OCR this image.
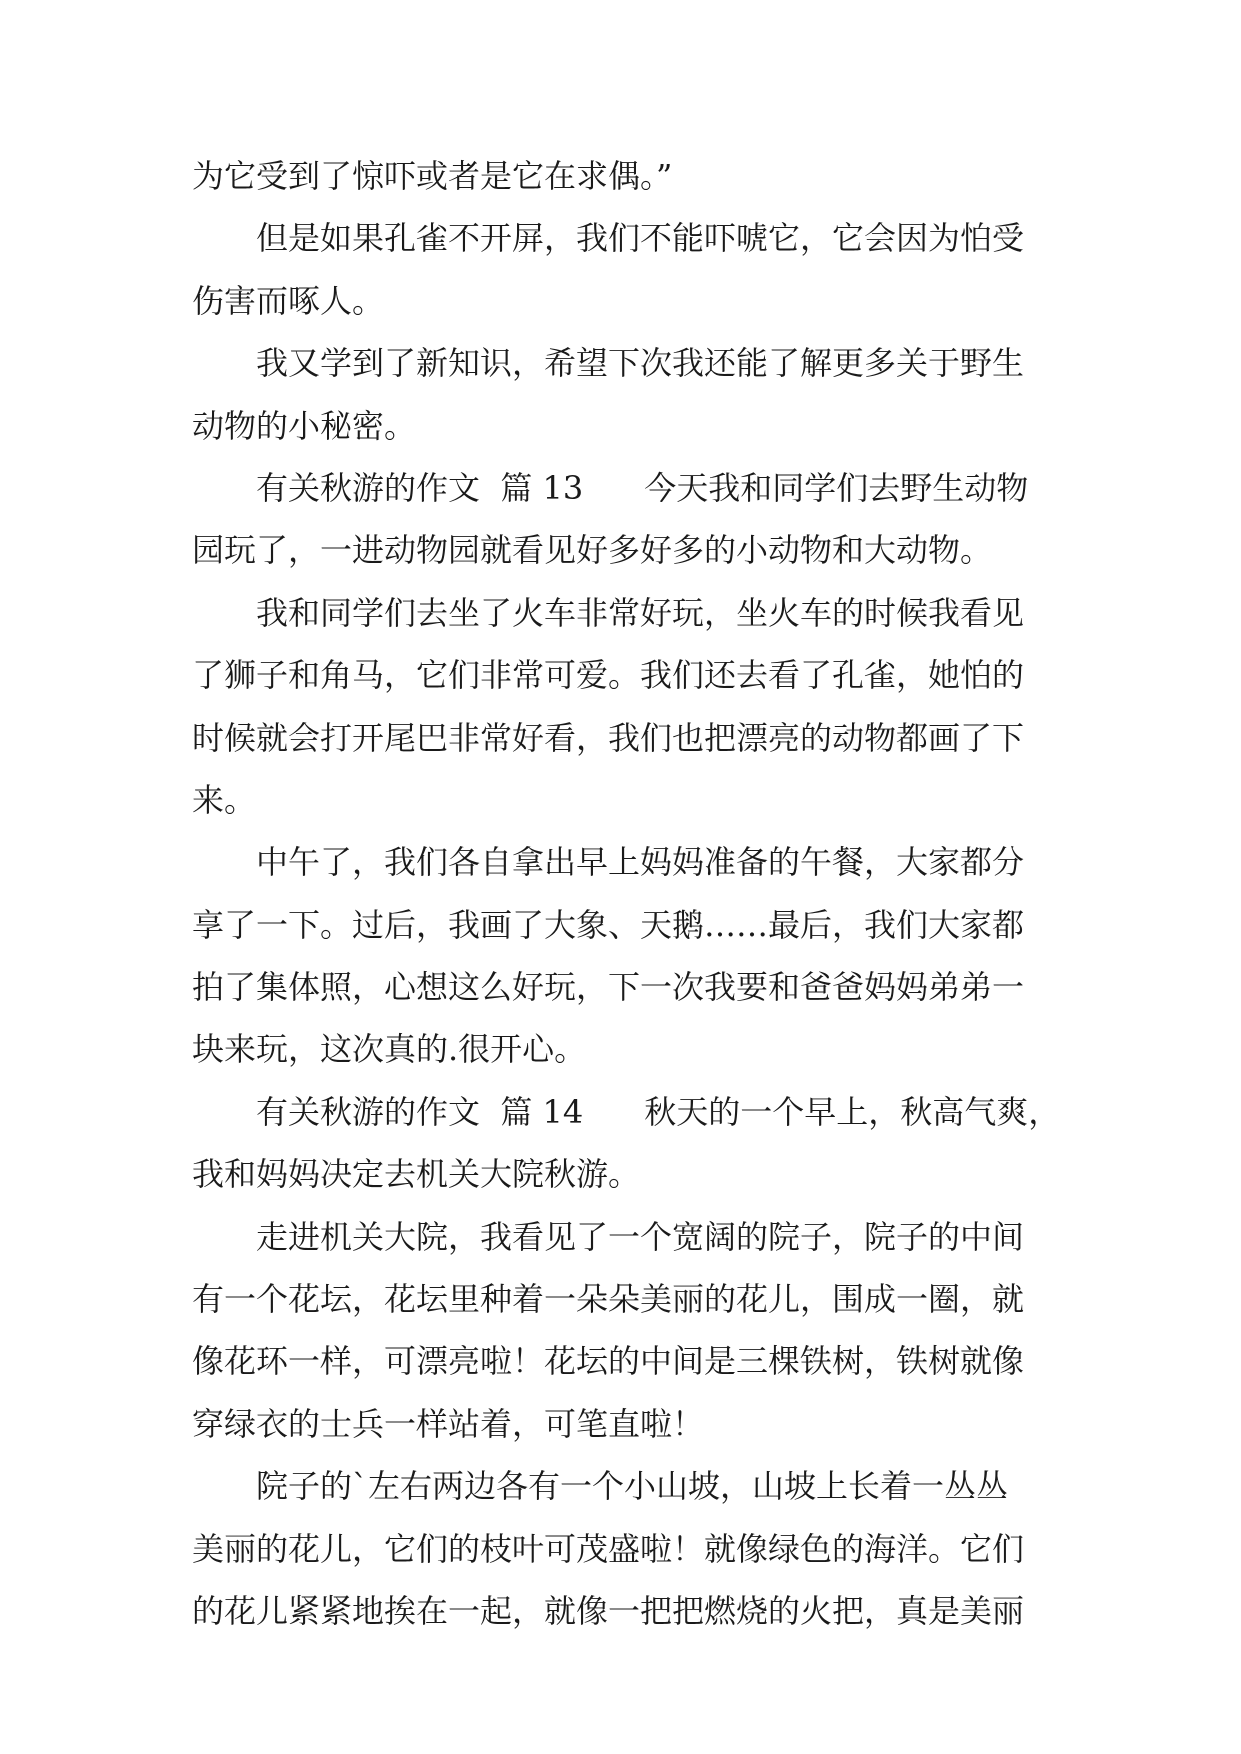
为它受到了惊吓或者是它在求偶。”
但是如果孔雀不开屏，我们不能吓唬它，它会因为怕受
伤害而啄人。
我又学到了新知识，希望下次我还能了解更多关于野生
动物的小秘密。
有关秋游的作文  篇 13      今天我和同学们去野生动物
园玩了，一进动物园就看见好多好多的小动物和大动物。
我和同学们去坐了火车非常好玩，坐火车的时候我看见
了狮子和角马，它们非常可爱。我们还去看了孔雀，她怕的
时候就会打开尾巴非常好看，我们也把漂亮的动物都画了下
来。
中午了，我们各自拿出早上妈妈准备的午餐，大家都分
享了一下。过后，我画了大象、天鹅……最后，我们大家都
拍了集体照，心想这么好玩，下一次我要和爸爸妈妈弟弟一
块来玩，这次真的.很开心。
有关秋游的作文  篇 14      秋天的一个早上，秋高气爽，
我和妈妈决定去机关大院秋游。
走进机关大院，我看见了一个宽阔的院子，院子的中间
有一个花坛，花坛里种着一朵朵美丽的花儿，围成一圈，就
像花环一样，可漂亮啦！花坛的中间是三棵铁树，铁树就像
穿绿衣的士兵一样站着，可笔直啦！
院子的`左右两边各有一个小山坡，山坡上长着一丛丛
美丽的花儿，它们的枝叶可茂盛啦！就像绿色的海洋。它们
的花儿紧紧地挨在一起，就像一把把燃烧的火把，真是美丽
